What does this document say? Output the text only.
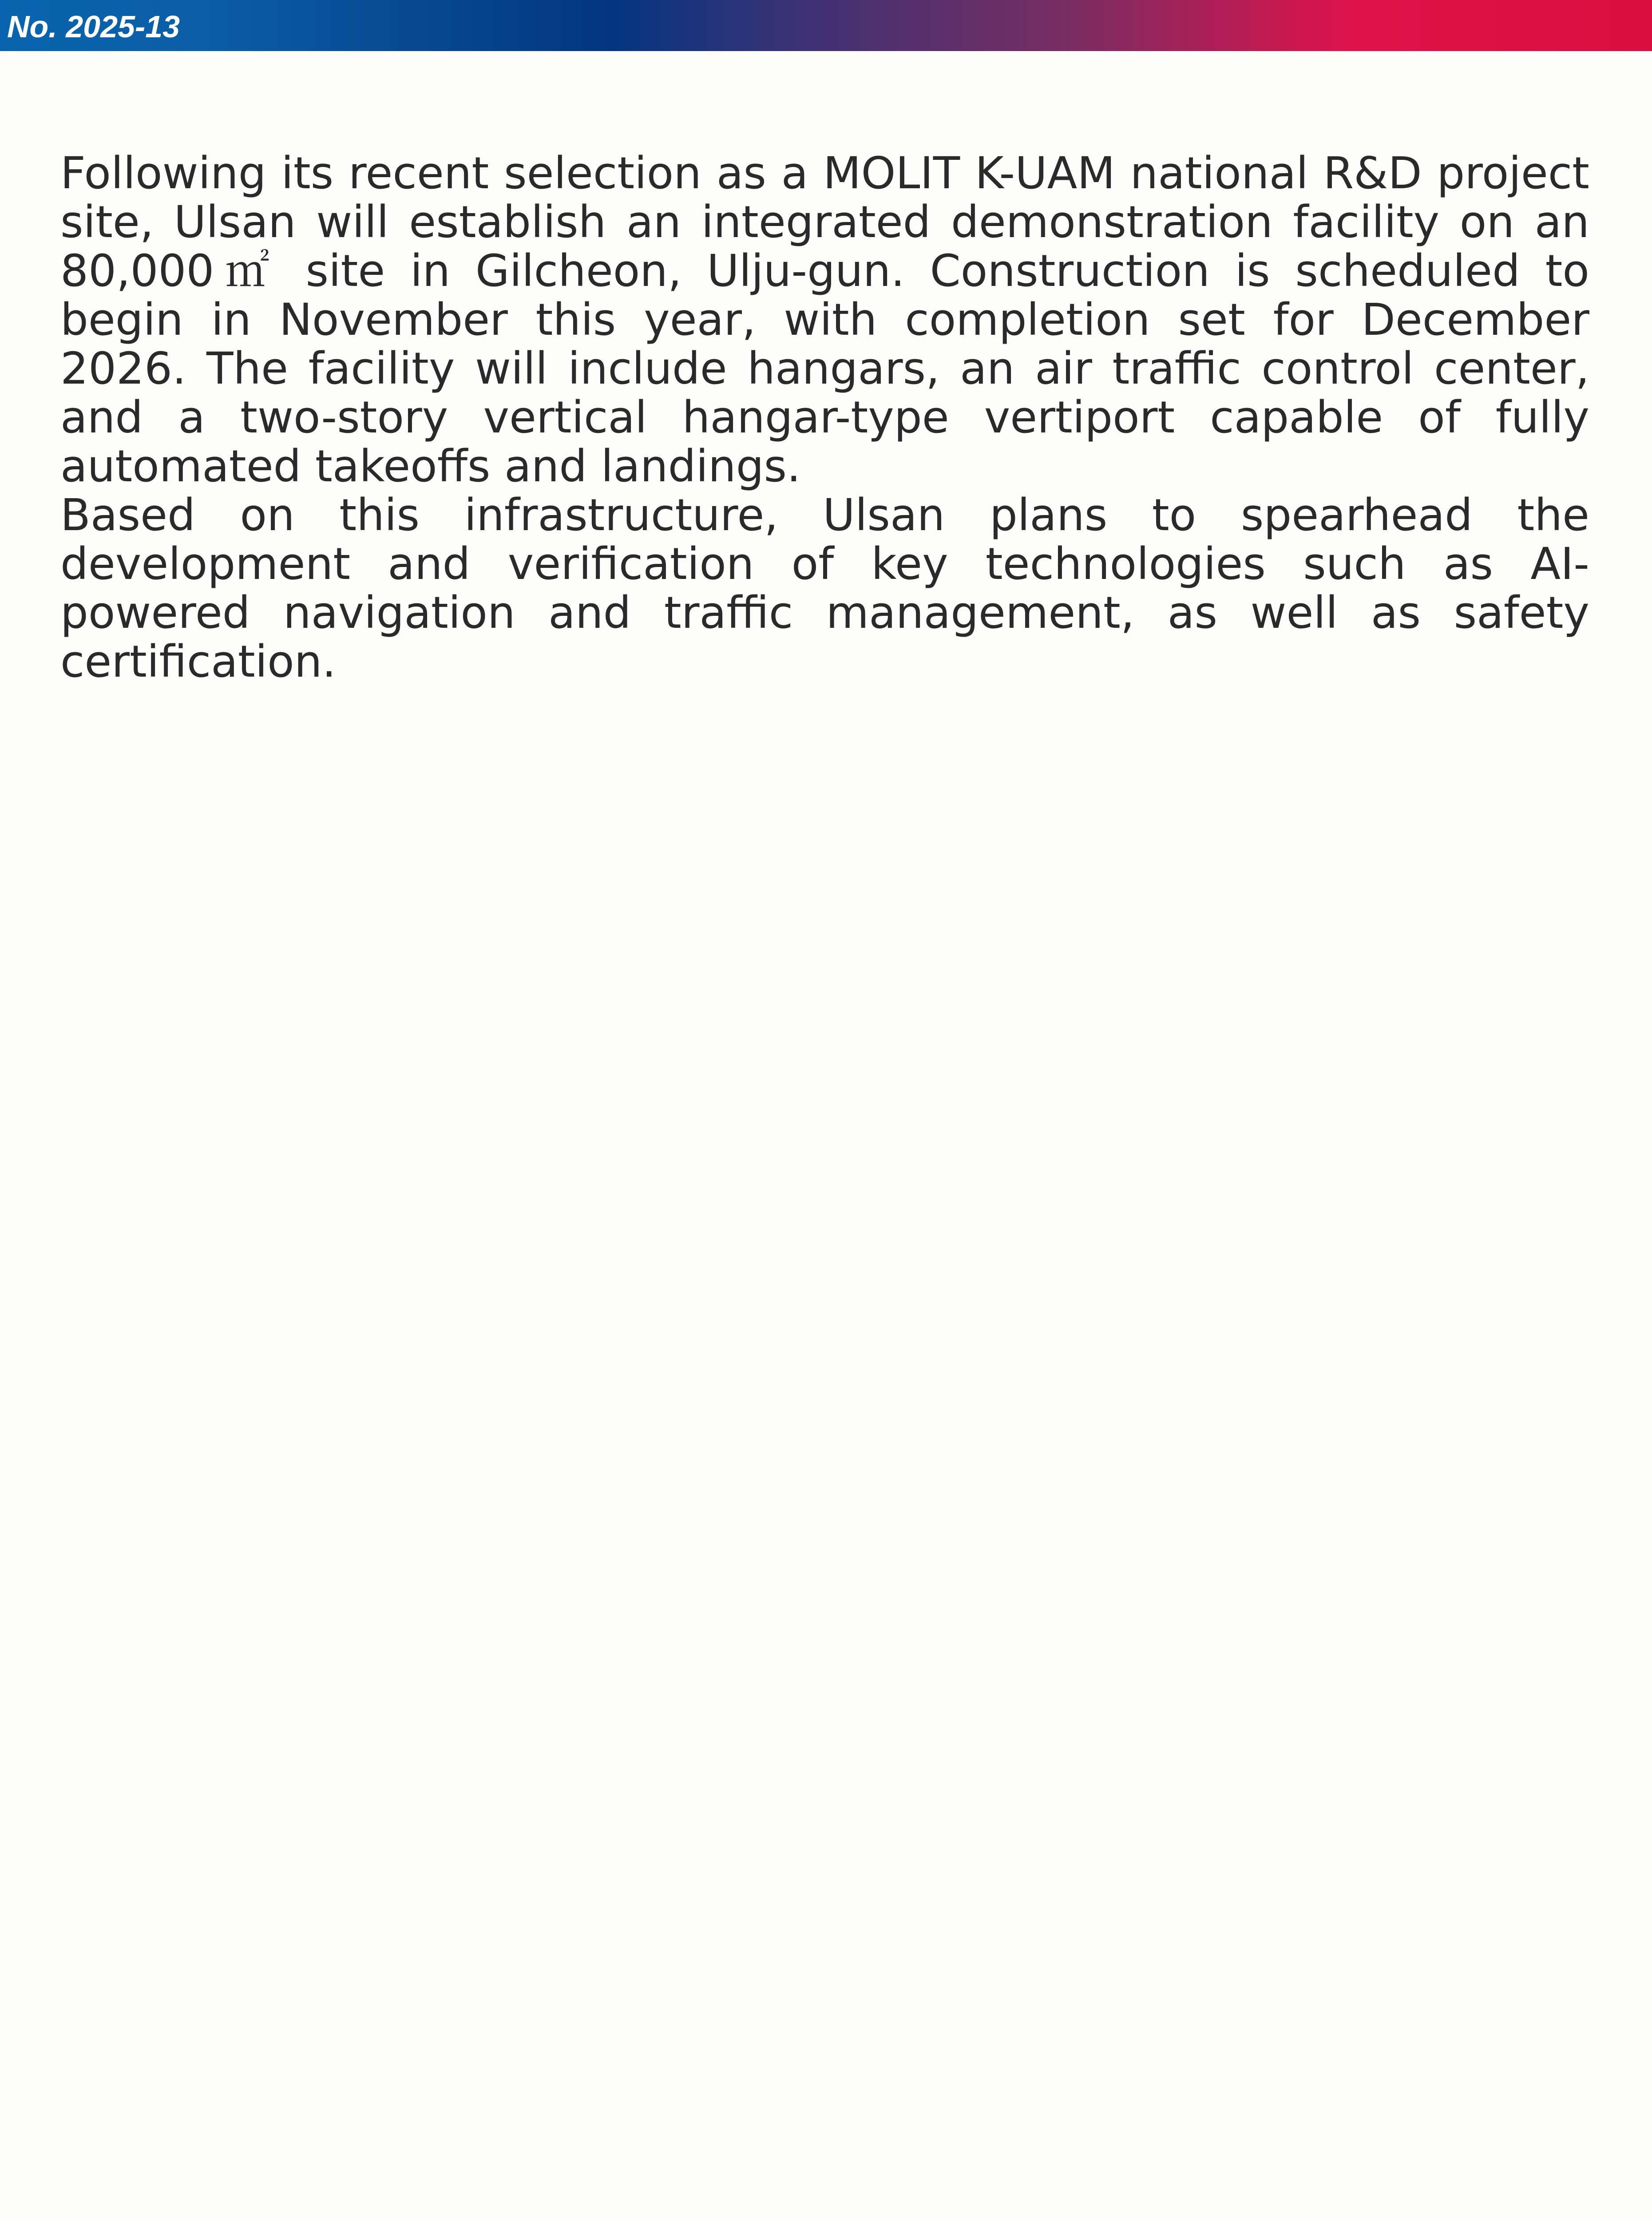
No. 2025-13

Following its recent selection as a MOLIT K-UAM national R&D project site, Ulsan will establish an integrated demonstration facility on an 80,000㎡ site in Gilcheon, Ulju-gun. Construction is scheduled to begin in November this year, with completion set for December 2026. The facility will include hangars, an air traffic control center, and a two-story vertical hangar-type vertiport capable of fully automated takeoffs and landings.

Based on this infrastructure, Ulsan plans to spearhead the development and verification of key technologies such as AI-powered navigation and traffic management, as well as safety certification.
